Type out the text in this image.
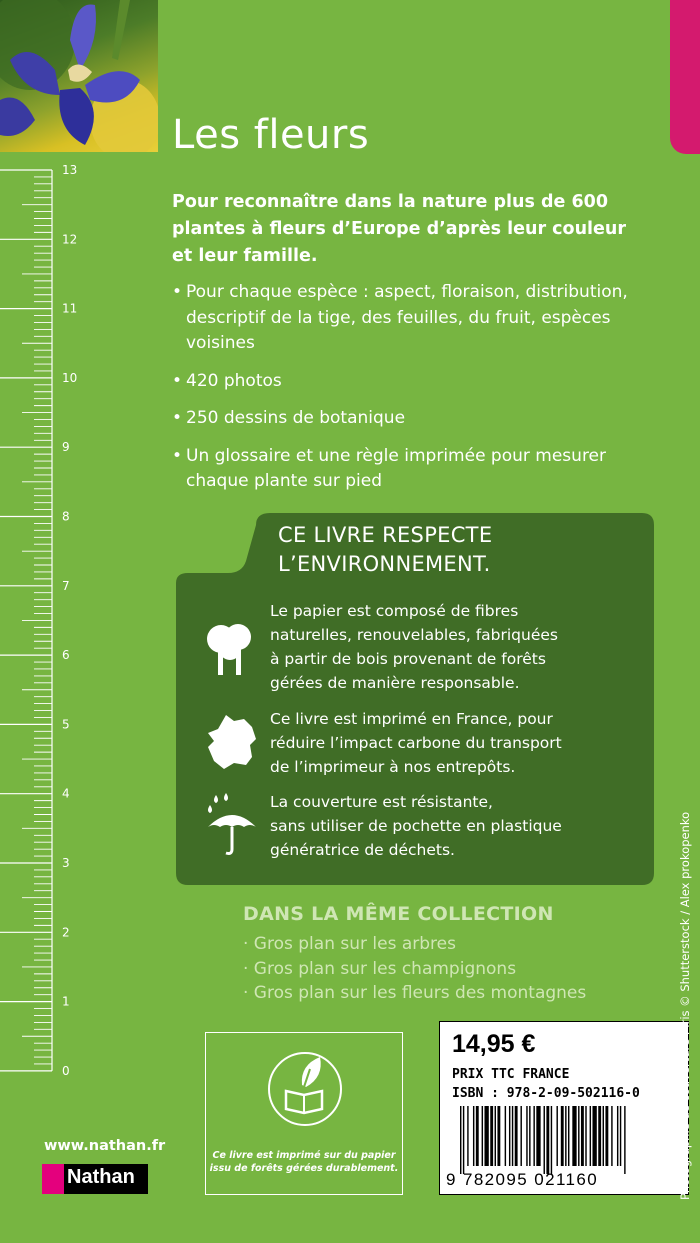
Les fleurs
13
12
11
10
9
8
7
6
5
4
3
2
1
0
Pour reconnaître dans la nature plus de 600 plantes à fleurs d’Europe d’après leur couleur et leur famille.
• Pour chaque espèce : aspect, floraison, distribution, descriptif de la tige, des feuilles, du fruit, espèces voisines
• 420 photos
• 250 dessins de botanique
• Un glossaire et une règle imprimée pour mesurer chaque plante sur pied
CE LIVRE RESPECTE
L’ENVIRONNEMENT.
Le papier est composé de fibres
naturelles, renouvelables, fabriquées
à partir de bois provenant de forêts
gérées de manière responsable.
Ce livre est imprimé en France, pour
réduire l’impact carbone du transport
de l’imprimeur à nos entrepôts.
La couverture est résistante,
sans utiliser de pochette en plastique
génératrice de déchets.
DANS LA MÊME COLLECTION
· Gros plan sur les arbres
· Gros plan sur les champignons
· Gros plan sur les fleurs des montagnes
Ce livre est imprimé sur du papier
issu de forêts gérées durablement.
14,95 €
PRIX TTC FRANCE
ISBN : 978-2-09-502116-0
9 782095 021160	Photographie de couverture : Iris © Shutterstock / Alex prokopenko
www.nathan.fr
Nathan
